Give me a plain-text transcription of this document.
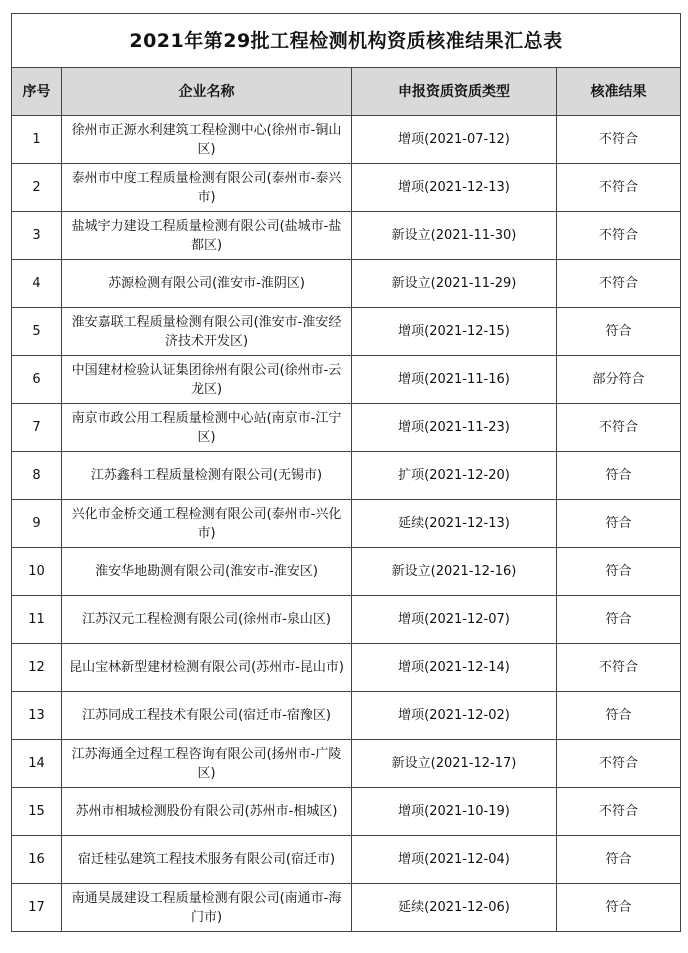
2021年第29批工程检测机构资质核准结果汇总表			
序号	企业名称	申报资质资质类型	核准结果
1	徐州市正源水利建筑工程检测中心(徐州市-铜山区)	增项(2021-07-12)	不符合
2	泰州市中度工程质量检测有限公司(泰州市-泰兴市)	增项(2021-12-13)	不符合
3	盐城宇力建设工程质量检测有限公司(盐城市-盐都区)	新设立(2021-11-30)	不符合
4	苏源检测有限公司(淮安市-淮阴区)	新设立(2021-11-29)	不符合
5	淮安嘉联工程质量检测有限公司(淮安市-淮安经济技术开发区)	增项(2021-12-15)	符合
6	中国建材检验认证集团徐州有限公司(徐州市-云龙区)	增项(2021-11-16)	部分符合
7	南京市政公用工程质量检测中心站(南京市-江宁区)	增项(2021-11-23)	不符合
8	江苏鑫科工程质量检测有限公司(无锡市)	扩项(2021-12-20)	符合
9	兴化市金桥交通工程检测有限公司(泰州市-兴化市)	延续(2021-12-13)	符合
10	淮安华地勘测有限公司(淮安市-淮安区)	新设立(2021-12-16)	符合
11	江苏汉元工程检测有限公司(徐州市-泉山区)	增项(2021-12-07)	符合
12	昆山宝林新型建材检测有限公司(苏州市-昆山市)	增项(2021-12-14)	不符合
13	江苏同成工程技术有限公司(宿迁市-宿豫区)	增项(2021-12-02)	符合
14	江苏海通全过程工程咨询有限公司(扬州市-广陵区)	新设立(2021-12-17)	不符合
15	苏州市相城检测股份有限公司(苏州市-相城区)	增项(2021-10-19)	不符合
16	宿迁桂弘建筑工程技术服务有限公司(宿迁市)	增项(2021-12-04)	符合
17	南通昊晟建设工程质量检测有限公司(南通市-海门市)	延续(2021-12-06)	符合
